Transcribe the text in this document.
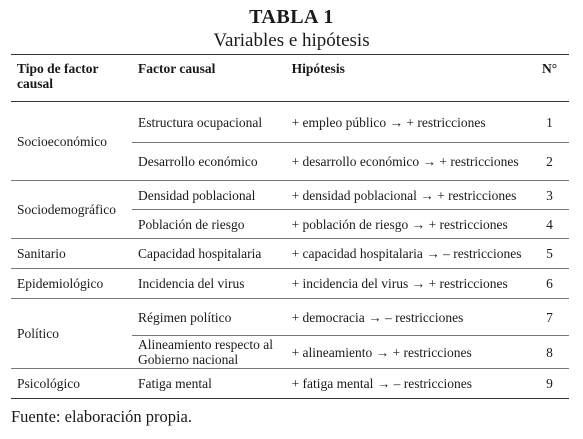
TABLA 1
Variables e hipótesis
Tipo de factor causal	Factor causal	Hipótesis	N°
Socioeconómico	Estructura ocupacional	+ empleo público → + restricciones	1
	Desarrollo económico	+ desarrollo económico → + restricciones	2
Sociodemográfico	Densidad poblacional	+ densidad poblacional → + restricciones	3
	Población de riesgo	+ población de riesgo → + restricciones	4
Sanitario	Capacidad hospitalaria	+ capacidad hospitalaria → – restricciones	5
Epidemiológico	Incidencia del virus	+ incidencia del virus → + restricciones	6
Político	Régimen político	+ democracia → – restricciones	7
	Alineamiento respecto al Gobierno nacional	+ alineamiento → + restricciones	8
Psicológico	Fatiga mental	+ fatiga mental → – restricciones	9
Fuente: elaboración propia.
